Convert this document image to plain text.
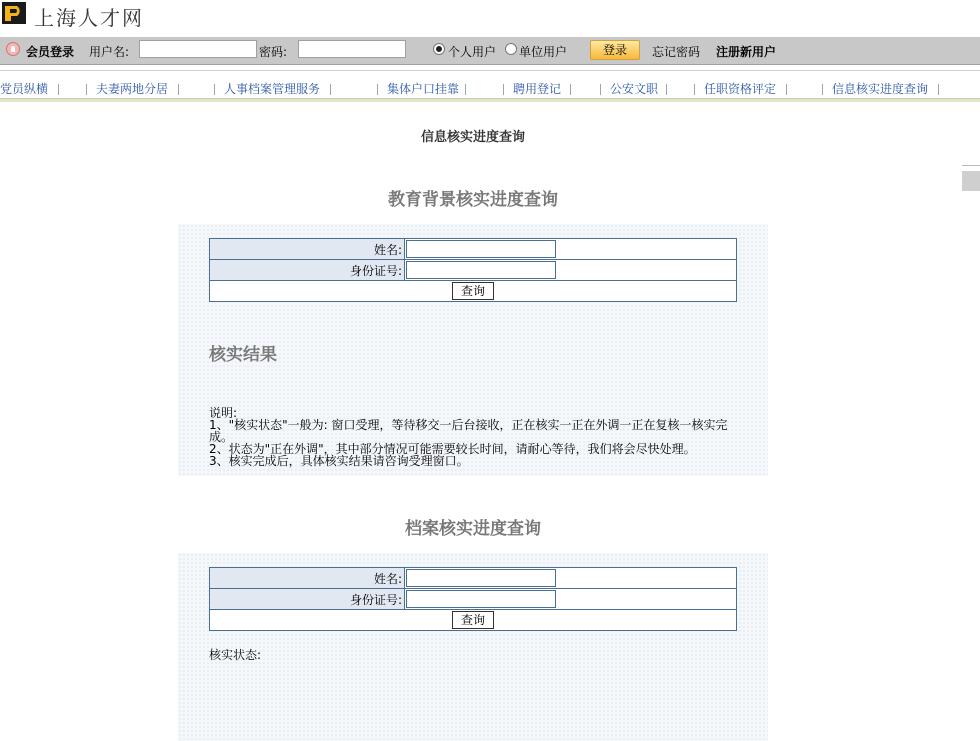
上海人才网
会员登录 用户名:	密码:	个人用户 单位用户	登录	忘记密码 注册新用户
党员纵横	夫妻两地分居	人事档案管理服务	集体户口挂靠	聘用登记	公安文职	任职资格评定	信息核实进度查询
信息核实进度查询
教育背景核实进度查询
姓名:	

身份证号:	

查询	
核实结果
说明:
1、"核实状态"一般为: 窗口受理，等待移交一后台接收，正在核实一正在外调一正在复核一核实完成。
2、状态为"正在外调"，其中部分情况可能需要较长时间，请耐心等待，我们将会尽快处理。
3、核实完成后，具体核实结果请咨询受理窗口。
档案核实进度查询
姓名:	

身份证号:	

查询	
核实状态:
